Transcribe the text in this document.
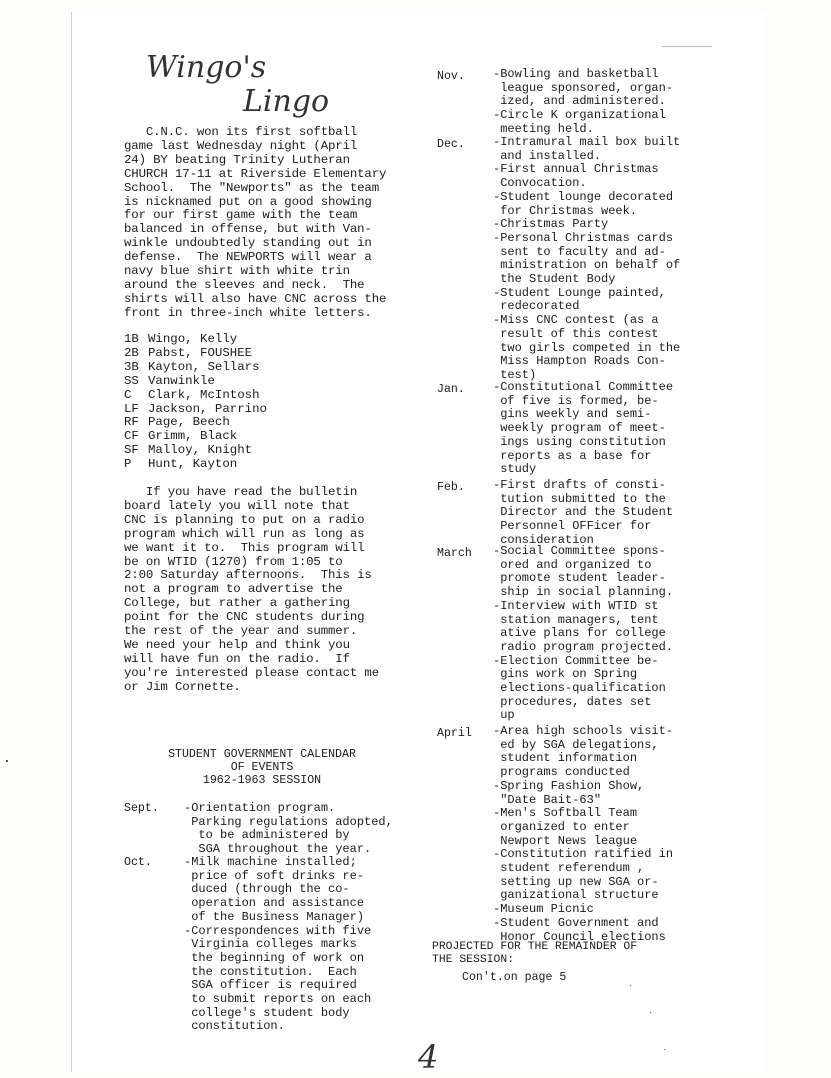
Wingo's
Lingo

C.N.C. won its first softball
game last Wednesday night (April
24) BY beating Trinity Lutheran
CHURCH 17-11 at Riverside Elementary
School.  The "Newports" as the team
is nicknamed put on a good showing
for our first game with the team
balanced in offense, but with Van-
winkle undoubtedly standing out in
defense.  The NEWPORTS will wear a
navy blue shirt with white trin
around the sleeves and neck.  The
shirts will also have CNC across the
front in three-inch white letters.

1B Wingo, Kelly
2B Pabst, FOUSHEE
3B Kayton, Sellars
SS Vanwinkle
C Clark, McIntosh
LF Jackson, Parrino
RF Page, Beech
CF Grimm, Black
SF Malloy, Knight
P Hunt, Kayton

If you have read the bulletin
board lately you will note that
CNC is planning to put on a radio
program which will run as long as
we want it to.  This program will
be on WTID (1270) from 1:05 to
2:00 Saturday afternoons.  This is
not a program to advertise the
College, but rather a gathering
point for the CNC students during
the rest of the year and summer.
We need your help and think you
will have fun on the radio.  If
you're interested please contact me
or Jim Cornette.

STUDENT GOVERNMENT CALENDAR
OF EVENTS
1962-1963 SESSION

Sept. -Orientation program.
Parking regulations adopted,
to be administered by
SGA throughout the year.

Oct.	-Milk machine installed;
price of soft drinks re-
duced (through the co-
operation and assistance
of the Business Manager)
-Correspondences with five
Virginia colleges marks
the beginning of work on
the constitution.  Each
SGA officer is required
to submit reports on each
college's student body
constitution.

Nov. -Bowling and basketball
league sponsored, organ-
ized, and administered.
-Circle K organizational
meeting held.

Dec. -Intramural mail box built
and installed.
-First annual Christmas
Convocation.
-Student lounge decorated
for Christmas week.
-Christmas Party
-Personal Christmas cards
sent to faculty and ad-
ministration on behalf of
the Student Body
-Student Lounge painted,
redecorated
-Miss CNC contest (as a
result of this contest
two girls competed in the
Miss Hampton Roads Con-
test)

Jan. -Constitutional Committee
of five is formed, be-
gins weekly and semi-
weekly program of meet-
ings using constitution
reports as a base for
study

Feb. -First drafts of consti-
tution submitted to the
Director and the Student
Personnel OFFicer for
consideration

March -Social Committee spons-
ored and organized to
promote student leader-
ship in social planning.
-Interview with WTID st
station managers, tent
ative plans for college
radio program projected.
-Election Committee be-
gins work on Spring
elections-qualification
procedures, dates set
up

April -Area high schools visit-
ed by SGA delegations,
student information
programs conducted
-Spring Fashion Show,
"Date Bait-63"
-Men's Softball Team
organized to enter
Newport News league
-Constitution ratified in
student referendum ,
setting up new SGA or-
ganizational structure
-Museum Picnic
-Student Government and
Honor Council elections

PROJECTED FOR THE REMAINDER OF
THE SESSION:

Con't.on page 5

4
